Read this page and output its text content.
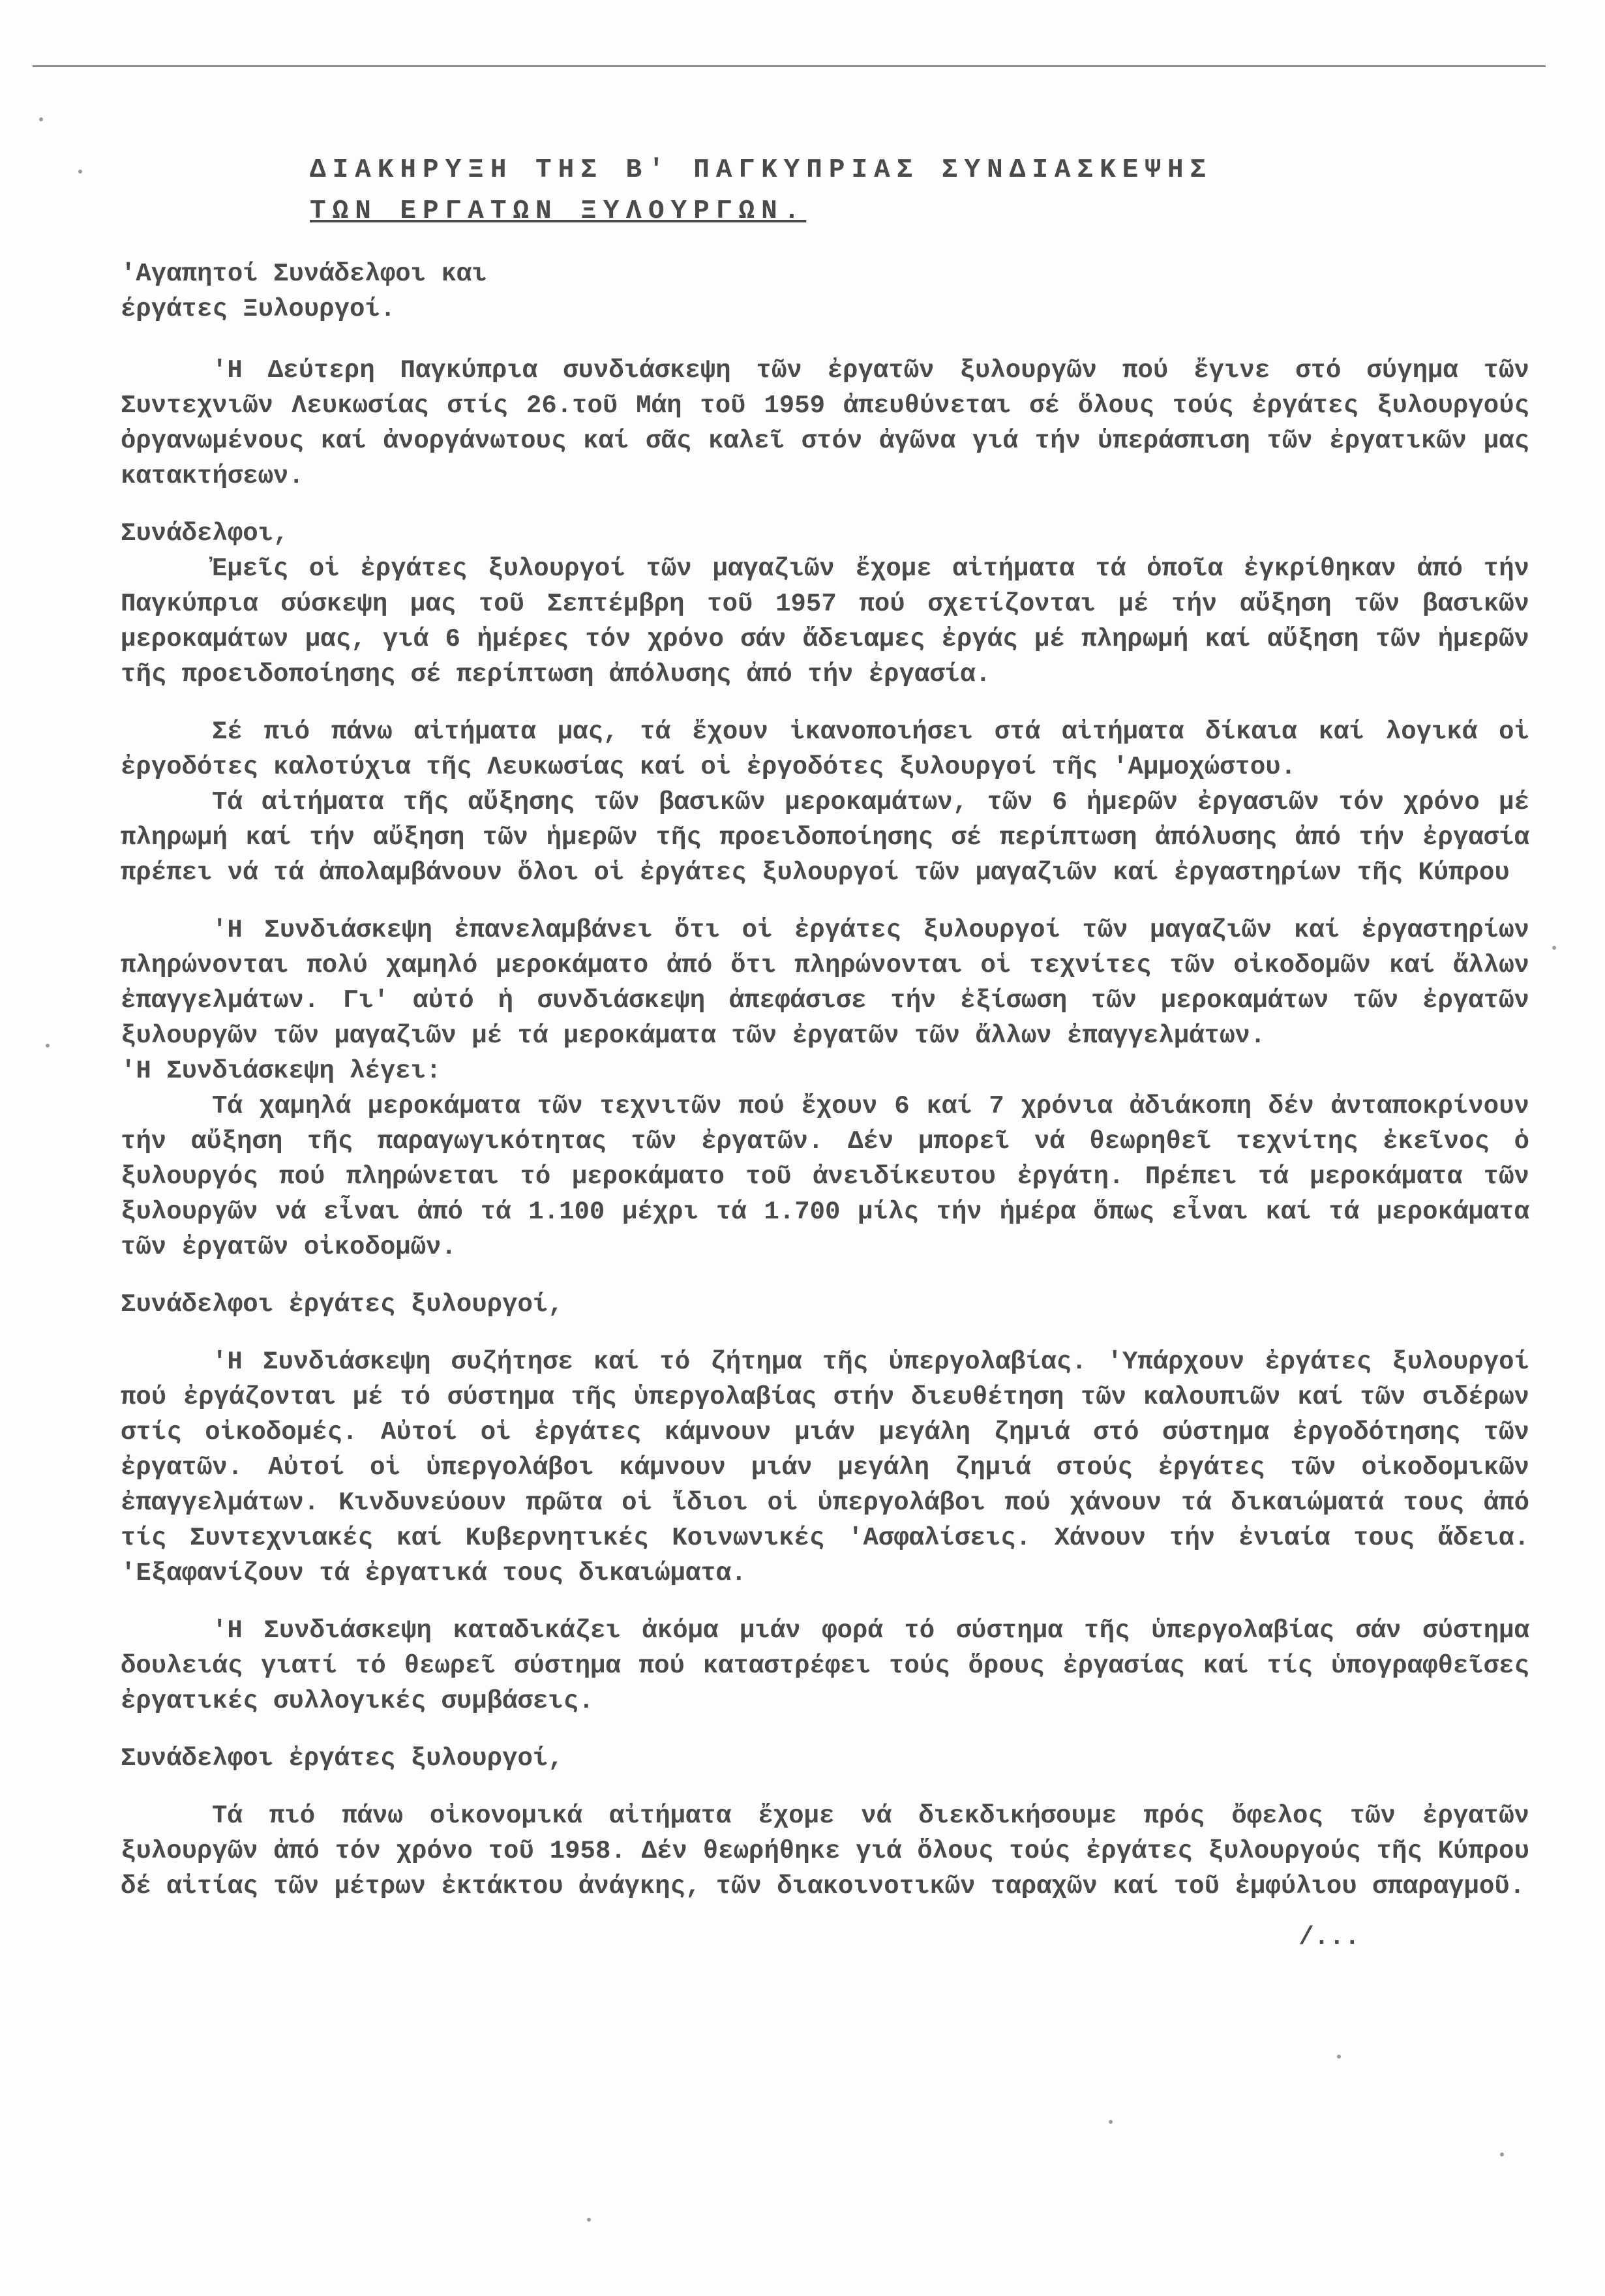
ΔΙΑΚΗΡΥΞΗ ΤΗΣ Β' ΠΑΓΚΥΠΡΙΑΣ ΣΥΝΔΙΑΣΚΕΨΗΣ
ΤΩΝ ΕΡΓΑΤΩΝ ΞΥΛΟΥΡΓΩΝ.
'Αγαπητοί Συνάδελφοι και
έργάτες Ξυλουργοί.

'Η Δεύτερη Παγκύπρια συνδιάσκεψη τῶν ἐργατῶν ξυλουργῶν πού ἔγινε στό σύγημα τῶν Συντεχνιῶν Λευκωσίας στίς 26.τοῦ Μάη τοῦ 1959 ἀπευθύνεται σέ ὅλους τούς ἐργάτες ξυλουργούς ὀργανωμένους καί ἀνοργάνωτους καί σᾶς καλεῖ στόν ἀγῶνα γιά τήν ὑπεράσπιση τῶν ἐργατικῶν μας κατακτήσεων.

Συνάδελφοι,

Ἐμεῖς οἱ ἐργάτες ξυλουργοί τῶν μαγαζιῶν ἔχομε αἰτήματα τά ὁποῖα ἐγκρίθηκαν ἀπό τήν Παγκύπρια σύσκεψη μας τοῦ Σεπτέμβρη τοῦ 1957 πού σχετίζονται μέ τήν αὔξηση τῶν βασικῶν μεροκαμάτων μας, γιά 6 ἡμέρες τόν χρόνο σάν ἄδειαμες ἐργάς μέ πληρωμή καί αὔξηση τῶν ἡμερῶν τῆς προειδοποίησης σέ περίπτωση ἀπόλυσης ἀπό τήν ἐργασία.

Σέ πιό πάνω αἰτήματα μας, τά ἔχουν ἱκανοποιήσει στά αἰτήματα δίκαια καί λογικά οἱ ἐργοδότες καλοτύχια τῆς Λευκωσίας καί οἱ ἐργοδότες ξυλουργοί τῆς 'Αμμοχώστου.

Τά αἰτήματα τῆς αὔξησης τῶν βασικῶν μεροκαμάτων, τῶν 6 ἡμερῶν ἐργασιῶν τόν χρόνο μέ πληρωμή καί τήν αὔξηση τῶν ἡμερῶν τῆς προειδοποίησης σέ περίπτωση ἀπόλυσης ἀπό τήν ἐργασία πρέπει νά τά ἀπολαμβάνουν ὅλοι οἱ ἐργάτες ξυλουργοί τῶν μαγαζιῶν καί ἐργαστηρίων τῆς Κύπρου

'Η Συνδιάσκεψη ἐπανελαμβάνει ὅτι οἱ ἐργάτες ξυλουργοί τῶν μαγαζιῶν καί ἐργαστηρίων πληρώνονται πολύ χαμηλό μεροκάματο ἀπό ὅτι πληρώνονται οἱ τεχνίτες τῶν οἰκοδομῶν καί ἄλλων ἐπαγγελμάτων. Γι' αὐτό ἡ συνδιάσκεψη ἀπεφάσισε τήν ἐξίσωση τῶν μεροκαμάτων τῶν ἐργατῶν ξυλουργῶν τῶν μαγαζιῶν μέ τά μεροκάματα τῶν ἐργατῶν τῶν ἄλλων ἐπαγγελμάτων.

'Η Συνδιάσκεψη λέγει:

Τά χαμηλά μεροκάματα τῶν τεχνιτῶν πού ἔχουν 6 καί 7 χρόνια ἀδιάκοπη δέν ἀνταποκρίνουν τήν αὔξηση τῆς παραγωγικότητας τῶν ἐργατῶν. Δέν μπορεῖ νά θεωρηθεῖ τεχνίτης ἐκεῖνος ὁ ξυλουργός πού πληρώνεται τό μεροκάματο τοῦ ἀνειδίκευτου ἐργάτη. Πρέπει τά μεροκάματα τῶν ξυλουργῶν νά εἶναι ἀπό τά 1.100 μέχρι τά 1.700 μίλς τήν ἡμέρα ὅπως εἶναι καί τά μεροκάματα τῶν ἐργατῶν οἰκοδομῶν.

Συνάδελφοι ἐργάτες ξυλουργοί,

'Η Συνδιάσκεψη συζήτησε καί τό ζήτημα τῆς ὑπεργολαβίας. 'Υπάρχουν ἐργάτες ξυλουργοί πού ἐργάζονται μέ τό σύστημα τῆς ὑπεργολαβίας στήν διευθέτηση τῶν καλουπιῶν καί τῶν σιδέρων στίς οἰκοδομές. Αὐτοί οἱ ἐργάτες κάμνουν μιάν μεγάλη ζημιά στό σύστημα ἐργοδότησης τῶν ἐργατῶν. Αὐτοί οἱ ὑπεργολάβοι κάμνουν μιάν μεγάλη ζημιά στούς ἐργάτες τῶν οἰκοδομικῶν ἐπαγγελμάτων. Κινδυνεύουν πρῶτα οἱ ἴδιοι οἱ ὑπεργολάβοι πού χάνουν τά δικαιώματά τους ἀπό τίς Συντεχνιακές καί Κυβερνητικές Κοινωνικές 'Ασφαλίσεις. Χάνουν τήν ἐνιαία τους ἄδεια. 'Εξαφανίζουν τά ἐργατικά τους δικαιώματα.

'Η Συνδιάσκεψη καταδικάζει ἀκόμα μιάν φορά τό σύστημα τῆς ὑπεργολαβίας σάν σύστημα δουλειάς γιατί τό θεωρεῖ σύστημα πού καταστρέφει τούς ὅρους ἐργασίας καί τίς ὑπογραφθεῖσες ἐργατικές συλλογικές συμβάσεις.

Συνάδελφοι ἐργάτες ξυλουργοί,

Τά πιό πάνω οἰκονομικά αἰτήματα ἔχομε νά διεκδικήσουμε πρός ὄφελος τῶν ἐργατῶν ξυλουργῶν ἀπό τόν χρόνο τοῦ 1958. Δέν θεωρήθηκε γιά ὅλους τούς ἐργάτες ξυλουργούς τῆς Κύπρου δέ αἰτίας τῶν μέτρων ἐκτάκτου ἀνάγκης, τῶν διακοινοτικῶν ταραχῶν καί τοῦ ἐμφύλιου σπαραγμοῦ.

/...
